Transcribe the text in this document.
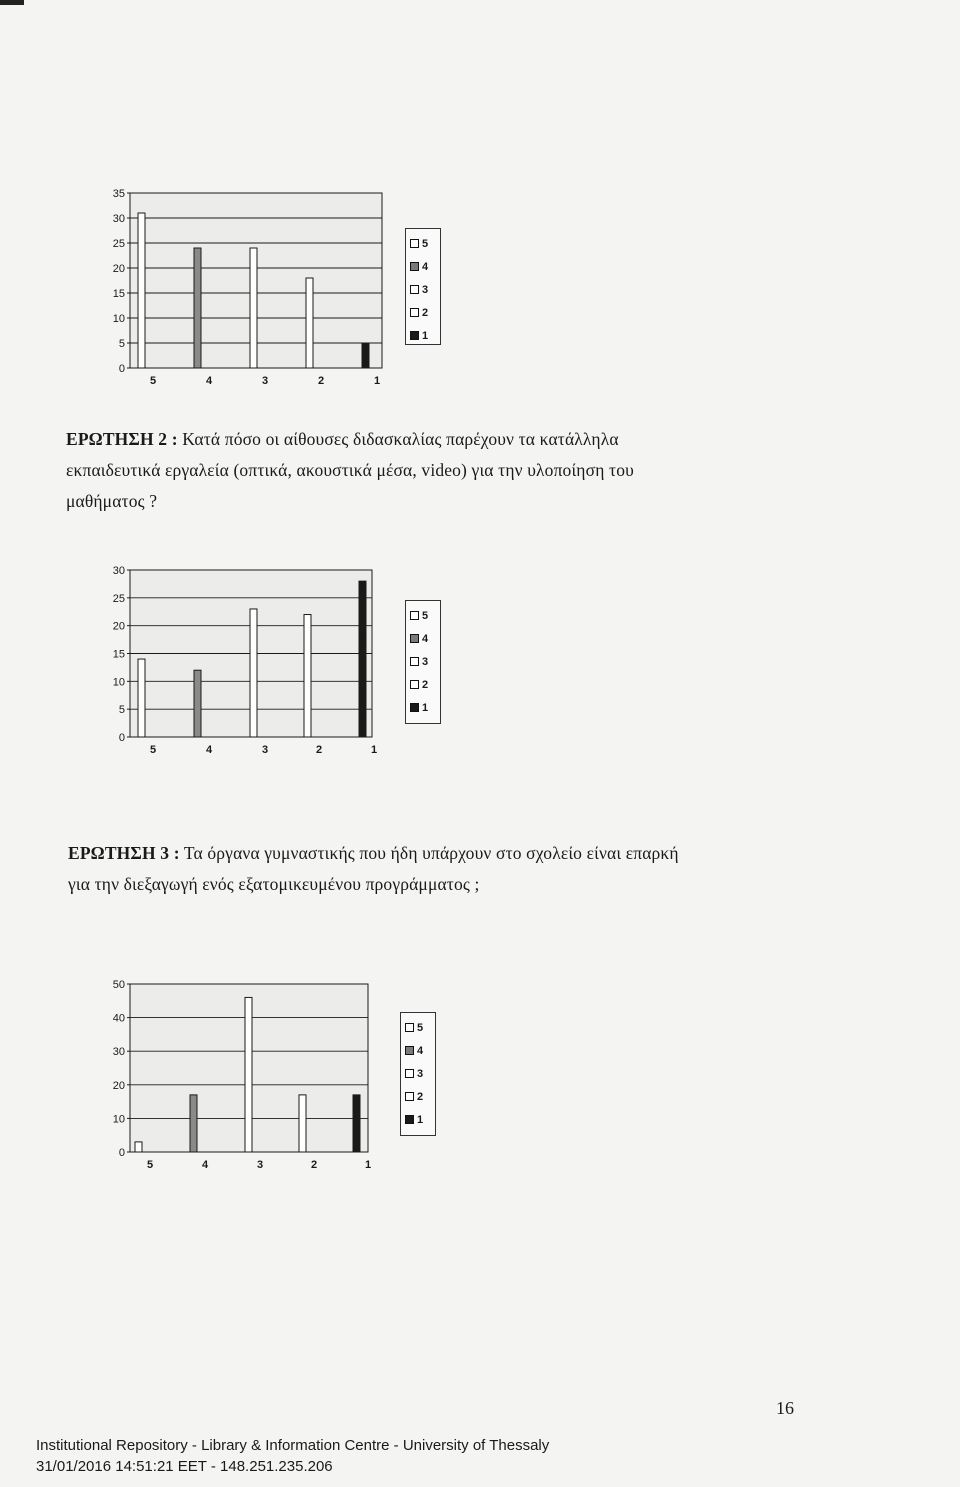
0
5
10
15
20
25
30
35
5	4	3	2	1
5
4
3
2
1
ΕΡΩΤΗΣΗ 2 : Κατά πόσο οι αίθουσες διδασκαλίας παρέχουν τα κατάλληλα
εκπαιδευτικά εργαλεία (οπτικά, ακουστικά μέσα, video) για την υλοποίηση του
μαθήματος ?
0
5
10
15
20
25
30
5	4	3	2	1
5
4
3
2
1
ΕΡΩΤΗΣΗ 3 : Τα όργανα γυμναστικής που ήδη υπάρχουν στο σχολείο είναι επαρκή
για την διεξαγωγή ενός εξατομικευμένου προγράμματος ;
0
10
20
30
40
50
5	4	3	2	1
5
4
3
2
1
16
Institutional Repository - Library & Information Centre - University of Thessaly
31/01/2016 14:51:21 EET - 148.251.235.206
